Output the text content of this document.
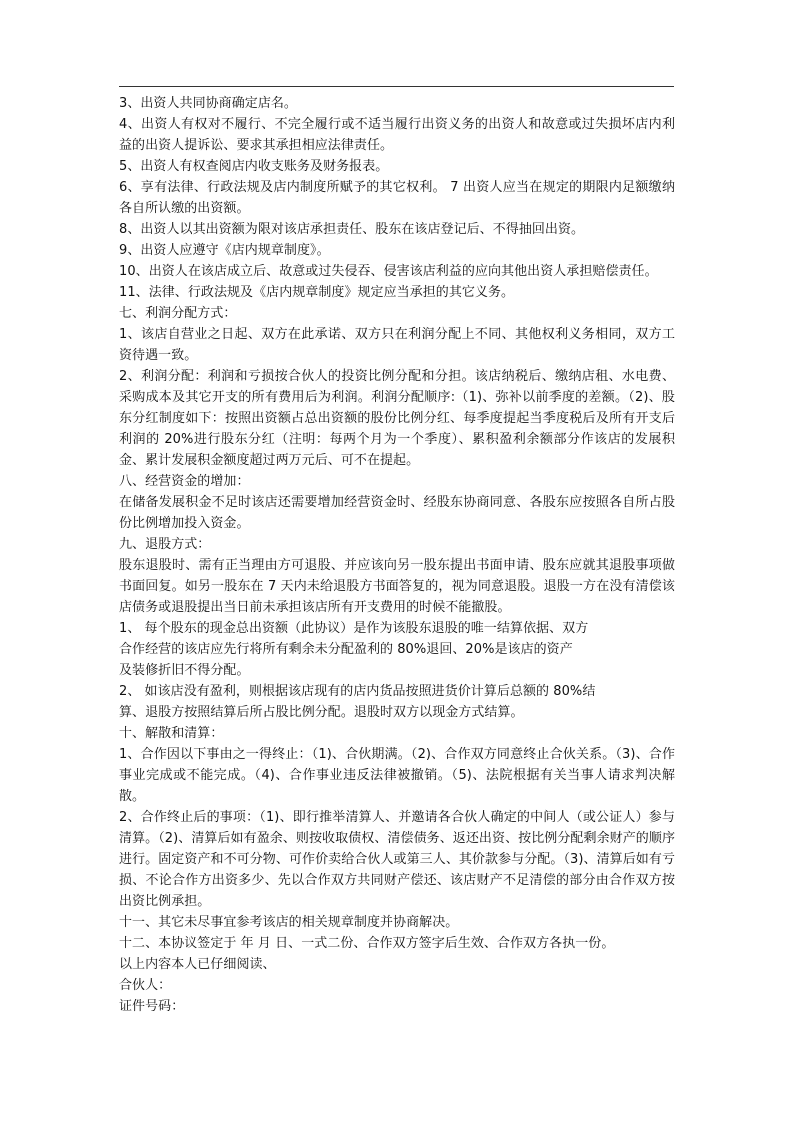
3、出资人共同协商确定店名。

4、出资人有权对不履行、不完全履行或不适当履行出资义务的出资人和故意或过失损坏店内利益的出资人提诉讼、要求其承担相应法律责任。

5、出资人有权查阅店内收支账务及财务报表。

6、享有法律、行政法规及店内制度所赋予的其它权利。 7 出资人应当在规定的期限内足额缴纳各自所认缴的出资额。

8、出资人以其出资额为限对该店承担责任、股东在该店登记后、不得抽回出资。

9、出资人应遵守《店内规章制度》。

10、出资人在该店成立后、故意或过失侵吞、侵害该店利益的应向其他出资人承担赔偿责任。

11、法律、行政法规及《店内规章制度》规定应当承担的其它义务。

七、利润分配方式：

1、该店自营业之日起、双方在此承诺、双方只在利润分配上不同、其他权利义务相同，双方工资待遇一致。

2、利润分配：利润和亏损按合伙人的投资比例分配和分担。该店纳税后、缴纳店租、水电费、采购成本及其它开支的所有费用后为利润。利润分配顺序:（1)、弥补以前季度的差额。（2)、股东分红制度如下：按照出资额占总出资额的股份比例分红、每季度提起当季度税后及所有开支后利润的 20%进行股东分红（注明：每两个月为一个季度）、累积盈利余额部分作该店的发展积金、累计发展积金额度超过两万元后、可不在提起。

八、经营资金的增加：

在储备发展积金不足时该店还需要增加经营资金时、经股东协商同意、各股东应按照各自所占股份比例增加投入资金。

九、退股方式：

股东退股时、需有正当理由方可退股、并应该向另一股东提出书面申请、股东应就其退股事项做书面回复。如另一股东在 7 天内未给退股方书面答复的，视为同意退股。退股一方在没有清偿该店债务或退股提出当日前未承担该店所有开支费用的时候不能撤股。

1、 每个股东的现金总出资额（此协议）是作为该股东退股的唯一结算依据、双方

合作经营的该店应先行将所有剩余未分配盈利的 80%退回、20%是该店的资产

及装修折旧不得分配。

2、 如该店没有盈利，则根据该店现有的店内货品按照进货价计算后总额的 80%结

算、退股方按照结算后所占股比例分配。退股时双方以现金方式结算。

十、解散和清算：

1、合作因以下事由之一得终止：（1)、合伙期满。（2)、合作双方同意终止合伙关系。（3)、合作事业完成或不能完成。（4)、合作事业违反法律被撤销。（5)、法院根据有关当事人请求判决解散。

2、合作终止后的事项：（1)、即行推举清算人、并邀请各合伙人确定的中间人（或公证人）参与清算。（2)、清算后如有盈余、则按收取债权、清偿债务、返还出资、按比例分配剩余财产的顺序进行。固定资产和不可分物、可作价卖给合伙人或第三人、其价款参与分配。（3)、清算后如有亏损、不论合作方出资多少、先以合作双方共同财产偿还、该店财产不足清偿的部分由合作双方按出资比例承担。

十一、其它未尽事宜参考该店的相关规章制度并协商解决。

十二、本协议签定于 年 月 日、一式二份、合作双方签字后生效、合作双方各执一份。

以上内容本人已仔细阅读、

合伙人：

证件号码：
